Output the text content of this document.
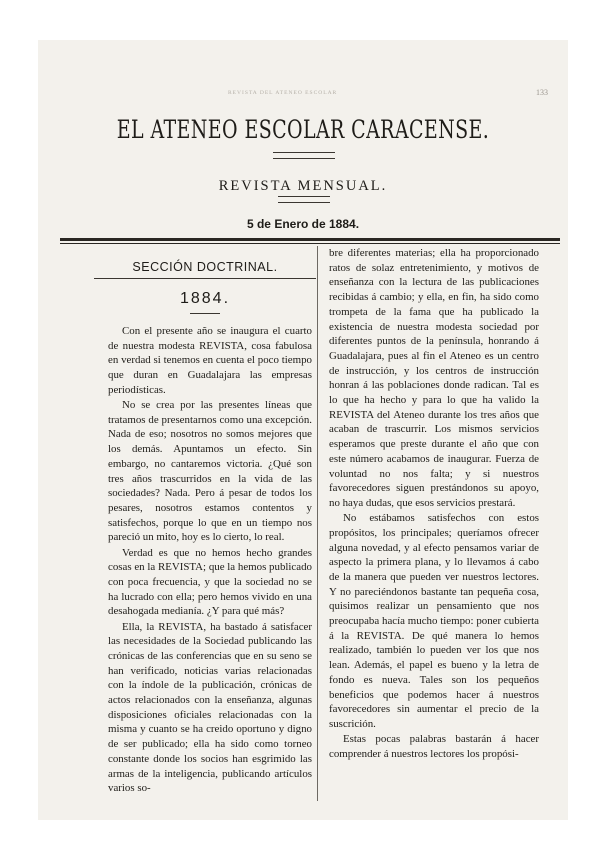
REVISTA DEL ATENEO ESCOLAR	133
EL ATENEO ESCOLAR CARACENSE.
REVISTA MENSUAL.
5 de Enero de 1884.
SECCIÓN DOCTRINAL.
1884.

Con el presente año se inaugura el cuarto de nuestra modesta REVISTA, cosa fabulosa en verdad si tenemos en cuenta el poco tiempo que duran en Guadalajara las empresas periodísticas.

No se crea por las presentes líneas que tratamos de presentarnos como una excepción. Nada de eso; nosotros no somos mejores que los demás. Apuntamos un efecto. Sin embargo, no cantaremos victoria. ¿Qué son tres años trascurridos en la vida de las sociedades? Nada. Pero á pesar de todos los pesares, nosotros estamos contentos y satisfechos, porque lo que en un tiempo nos pareció un mito, hoy es lo cierto, lo real.

Verdad es que no hemos hecho grandes cosas en la REVISTA; que la hemos publicado con poca frecuencia, y que la sociedad no se ha lucrado con ella; pero hemos vivido en una desahogada medianía. ¿Y para qué más?

Ella, la REVISTA, ha bastado á satisfacer las necesidades de la Sociedad publicando las crónicas de las conferencias que en su seno se han verificado, noticias varias relacionadas con la índole de la publicación, crónicas de actos relacionados con la enseñanza, algunas disposiciones oficiales relacionadas con la misma y cuanto se ha creido oportuno y digno de ser publicado; ella ha sido como torneo constante donde los socios han esgrimido las armas de la inteligencia, publicando artículos varios so-

bre diferentes materias; ella ha proporcionado ratos de solaz entretenimiento, y motivos de enseñanza con la lectura de las publicaciones recibidas á cambio; y ella, en fin, ha sido como trompeta de la fama que ha publicado la existencia de nuestra modesta sociedad por diferentes puntos de la península, honrando á Guadalajara, pues al fin el Ateneo es un centro de instrucción, y los centros de instrucción honran á las poblaciones donde radican. Tal es lo que ha hecho y para lo que ha valido la REVISTA del Ateneo durante los tres años que acaban de trascurrir. Los mismos servicios esperamos que preste durante el año que con este número acabamos de inaugurar. Fuerza de voluntad no nos falta; y si nuestros favorecedores siguen prestándonos su apoyo, no haya dudas, que esos servicios prestará.

No estábamos satisfechos con estos propósitos, los principales; queríamos ofrecer alguna novedad, y al efecto pensamos variar de aspecto la primera plana, y lo llevamos á cabo de la manera que pueden ver nuestros lectores. Y no pareciéndonos bastante tan pequeña cosa, quisimos realizar un pensamiento que nos preocupaba hacía mucho tiempo: poner cubierta á la REVISTA. De qué manera lo hemos realizado, también lo pueden ver los que nos lean. Además, el papel es bueno y la letra de fondo es nueva. Tales son los pequeños beneficios que podemos hacer á nuestros favorecedores sin aumentar el precio de la suscrición.

Estas pocas palabras bastarán á hacer comprender á nuestros lectores los propósi-
